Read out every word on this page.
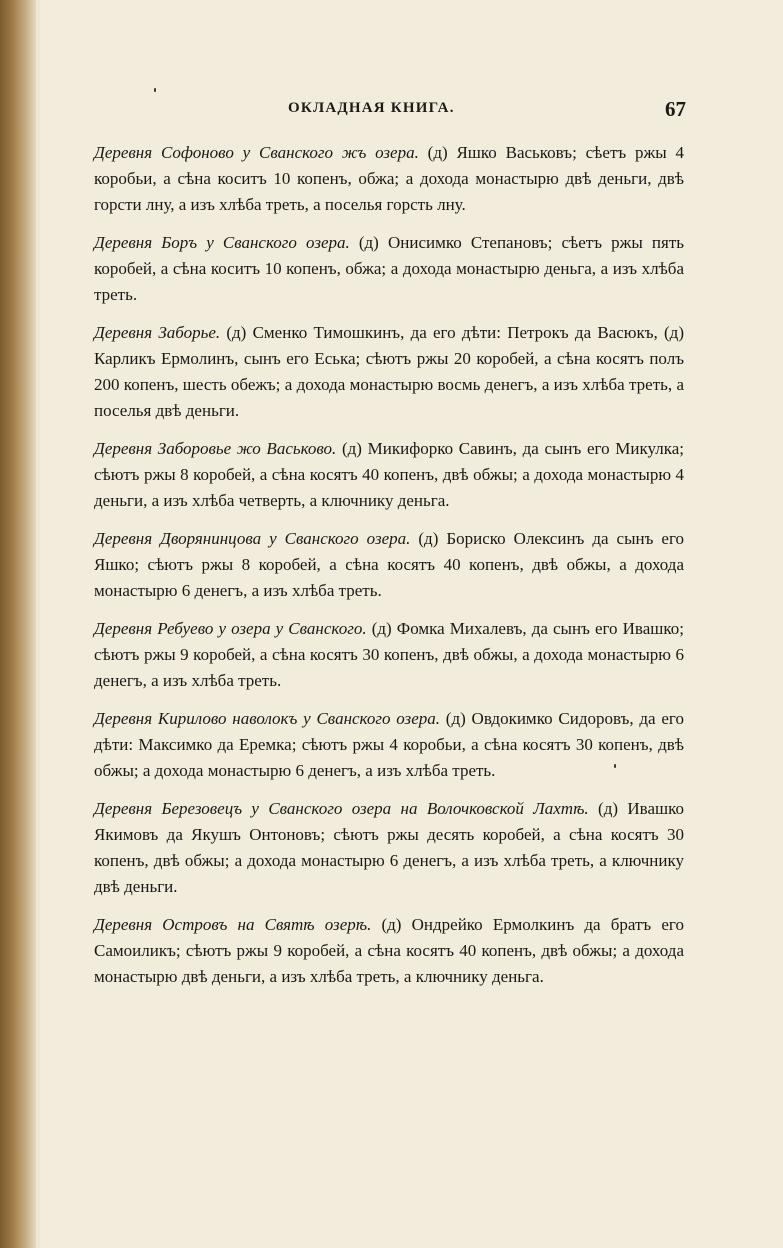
ОКЛАДНАЯ КНИГА.	67

Деревня Софоново у Сванского жъ озера. (д) Яшко Васьковъ; сѣетъ ржы 4 коробьи, а сѣна коситъ 10 копенъ, обжа; а дохода монастырю двѣ деньги, двѣ горсти лну, а изъ хлѣба треть, а поселья горсть лну.

Деревня Боръ у Сванского озера. (д) Онисимко Степановъ; сѣетъ ржы пять коробей, а сѣна коситъ 10 копенъ, обжа; а дохода монастырю деньга, а изъ хлѣба треть.

Деревня Заборье. (д) Сменко Тимошкинъ, да его дѣти: Петрокъ да Васюкъ, (д) Карликъ Ермолинъ, сынъ его Еська; сѣютъ ржы 20 коробей, а сѣна косятъ полъ 200 копенъ, шесть обежъ; а дохода монастырю восмь денегъ, а изъ хлѣба треть, а поселья двѣ деньги.

Деревня Заборовье жо Васьково. (д) Микифорко Савинъ, да сынъ его Микулка; сѣютъ ржы 8 коробей, а сѣна косятъ 40 копенъ, двѣ обжы; а дохода монастырю 4 деньги, а изъ хлѣба четверть, а ключнику деньга.

Деревня Дворянинцова у Сванского озера. (д) Бориско Олексинъ да сынъ его Яшко; сѣютъ ржы 8 коробей, а сѣна косятъ 40 копенъ, двѣ обжы, а дохода монастырю 6 денегъ, а изъ хлѣба треть.

Деревня Ребуево у озера у Сванского. (д) Фомка Михалевъ, да сынъ его Ивашко; сѣютъ ржы 9 коробей, а сѣна косятъ 30 копенъ, двѣ обжы, а дохода монастырю 6 денегъ, а изъ хлѣба треть.

Деревня Кирилово наволокъ у Сванского озера. (д) Овдокимко Сидоровъ, да его дѣти: Максимко да Еремка; сѣютъ ржы 4 коробьи, а сѣна косятъ 30 копенъ, двѣ обжы; а дохода монастырю 6 денегъ, а изъ хлѣба треть.

Деревня Березовецъ у Сванского озера на Волочковской Лахтѣ. (д) Ивашко Якимовъ да Якушъ Онтоновъ; сѣютъ ржы десять коробей, а сѣна косятъ 30 копенъ, двѣ обжы; а дохода монастырю 6 денегъ, а изъ хлѣба треть, а ключнику двѣ деньги.

Деревня Островъ на Святѣ озерѣ. (д) Ондрейко Ермолкинъ да братъ его Самоиликъ; сѣютъ ржы 9 коробей, а сѣна косятъ 40 копенъ, двѣ обжы; а дохода монастырю двѣ деньги, а изъ хлѣба треть, а ключнику деньга.
